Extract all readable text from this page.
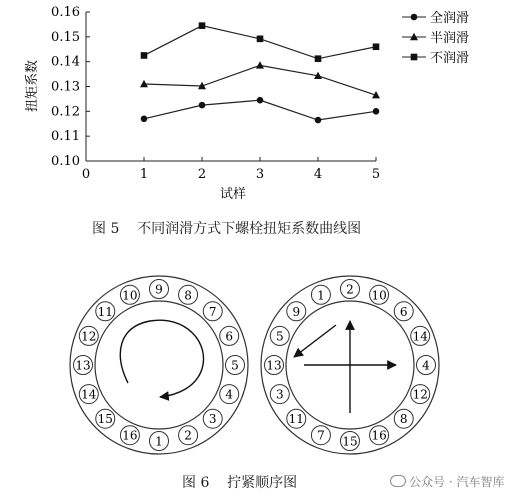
0.10
0.11
0.12
0.13
0.14
0.15
0.16
0	1	2	3	4	5
全润滑
半润滑
不润滑
试样
扭矩系数
图 5    不同润滑方式下螺栓扭矩系数曲线图
9 8
7
6
5
4
3
2
1
16
15
14
13
12
11
10	2 10
6
14
4
12
8
16
15
7
11
3
13
5
9
1
图 6    拧紧顺序图	公众号 · 汽车智库
